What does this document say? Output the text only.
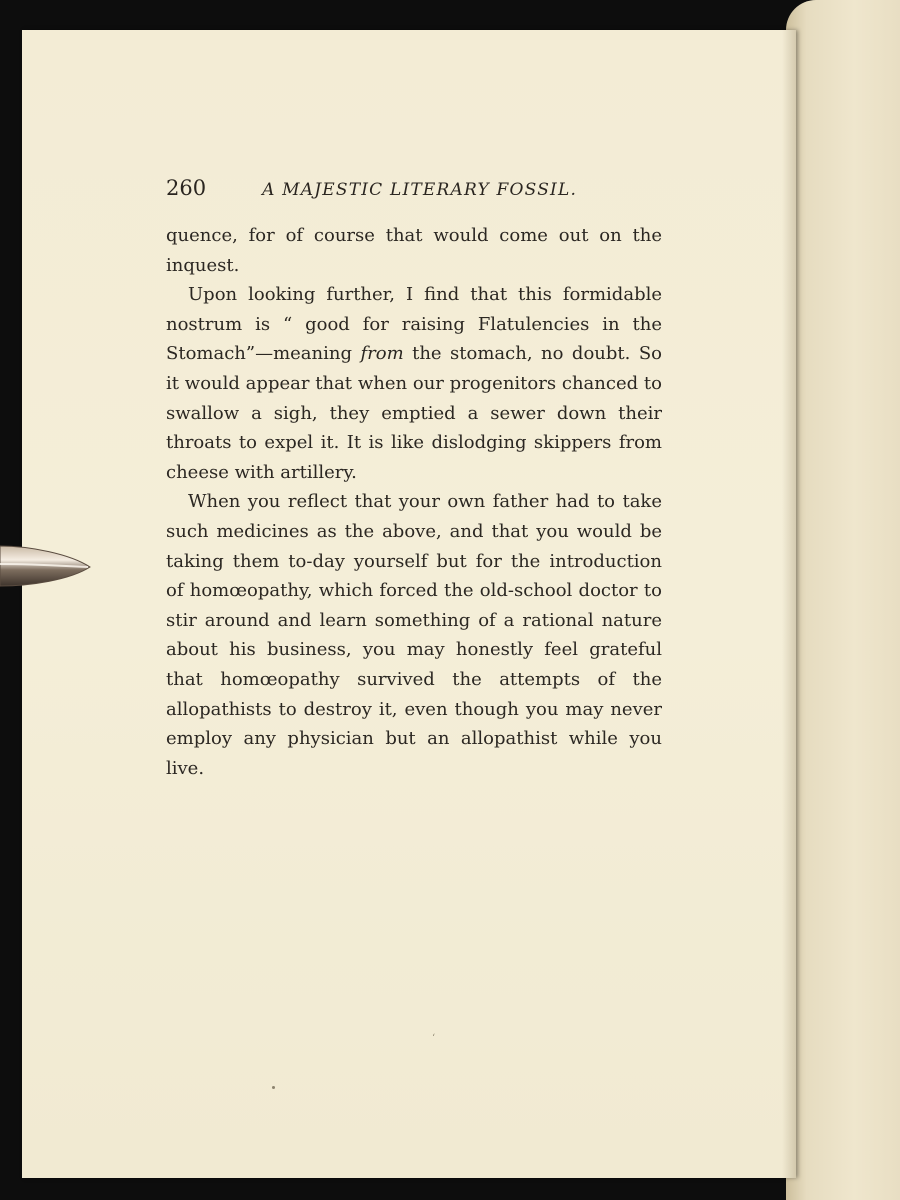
260	A MAJESTIC LITERARY FOSSIL.

quence, for of course that would come out on the inquest.

Upon looking further, I find that this formidable nostrum is “ good for raising Flatulencies in the Stomach”—meaning from the stomach, no doubt. So it would appear that when our progenitors chanced to swallow a sigh, they emptied a sewer down their throats to expel it. It is like dislodging skippers from cheese with artillery.

When you reflect that your own father had to take such medicines as the above, and that you would be taking them to-day yourself but for the introduction of homœopathy, which forced the old-school doctor to stir around and learn something of a rational nature about his business, you may honestly feel grateful that homœopathy survived the attempts of the allopathists to destroy it, even though you may never employ any physician but an allopathist while you live.

‘
